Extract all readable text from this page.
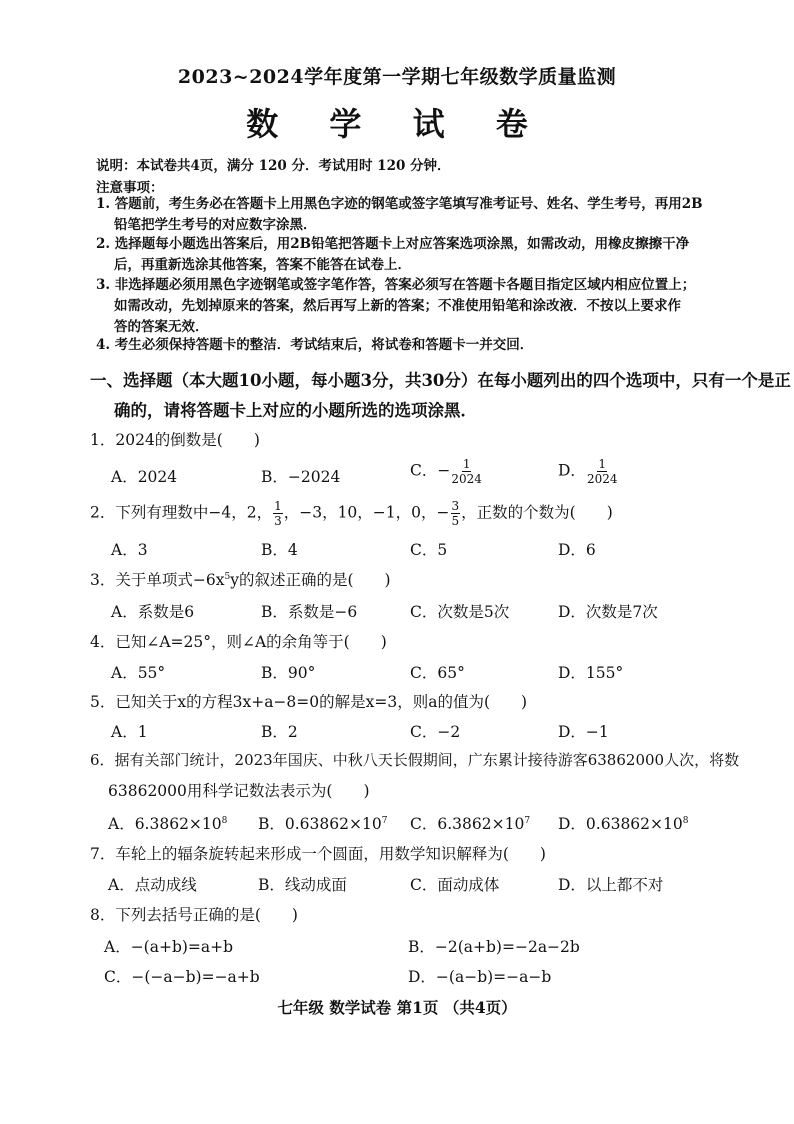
2023~2024学年度第一学期七年级数学质量监测
数 学 试 卷
说明：本试卷共4页，满分 120 分．考试用时 120 分钟．
注意事项：
1. 答题前，考生务必在答题卡上用黑色字迹的钢笔或签字笔填写准考证号、姓名、学生考号，再用2B
铅笔把学生考号的对应数字涂黑．
2. 选择题每小题选出答案后，用2B铅笔把答题卡上对应答案选项涂黑，如需改动，用橡皮擦擦干净
后，再重新选涂其他答案，答案不能答在试卷上．
3. 非选择题必须用黑色字迹钢笔或签字笔作答，答案必须写在答题卡各题目指定区域内相应位置上；
如需改动，先划掉原来的答案，然后再写上新的答案；不准使用铅笔和涂改液．不按以上要求作
答的答案无效．
4. 考生必须保持答题卡的整洁．考试结束后，将试卷和答题卡一并交回．
一、选择题（本大题10小题，每小题3分，共30分）在每小题列出的四个选项中，只有一个是正
确的，请将答题卡上对应的小题所选的选项涂黑．
1．2024的倒数是(　　)
A．2024	B．−2024	C．− $\frac{1}{2024}$	D． $\frac{1}{2024}$
2．下列有理数中−4，2， $\frac{1}{3}$ ，−3，10，−1，0，− $\frac{3}{5}$ ，正数的个数为(　　)
A．3	B．4	C．5	D．6
3．关于单项式$-6x^5y$的叙述正确的是(　　)
A．系数是6	B．系数是−6	C．次数是5次	D．次数是7次
4．已知∠A=25°，则∠A的余角等于(　　)
A．55°	B．90°	C．65°	D．155°
5．已知关于x的方程3x+a−8=0的解是x=3，则a的值为(　　)
A．1	B．2	C．−2	D．−1
6．据有关部门统计，2023年国庆、中秋八天长假期间，广东累计接待游客63862000人次，将数
63862000用科学记数法表示为(　　)
A．$6.3862\times 10^8$ B．$0.63862\times 10^7$ C．$6.3862\times 10^7$ D．$0.63862\times 10^8$
7．车轮上的辐条旋转起来形成一个圆面，用数学知识解释为(　　)
A．点动成线	B．线动成面	C．面动成体	D．以上都不对
8．下列去括号正确的是(　　)
A．−(a+b)=a+b	B．−2(a+b)=−2a−2b
C．−(−a−b)=−a+b	D．−(a−b)=−a−b
七年级 数学试卷 第1页 （共4页）
